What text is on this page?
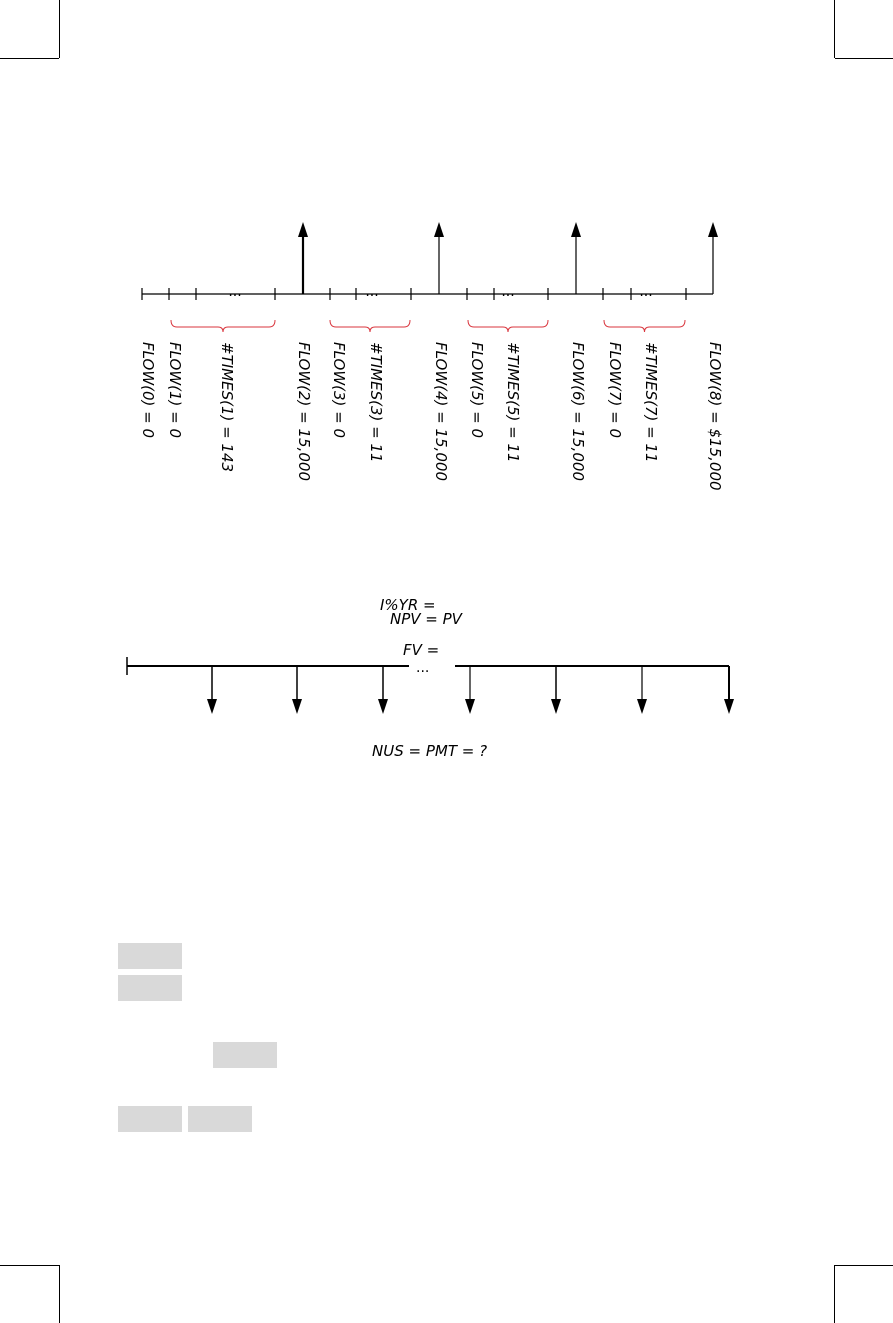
...	...	...	...
FLOW(0) = 0 FLOW(1) = 0 #TIMES(1) = 143	FLOW(2) = 15,000 FLOW(3) = 0 #TIMES(3) = 11	FLOW(4) = 15,000 FLOW(5) = 0 #TIMES(5) = 11	FLOW(6) = 15,000 FLOW(7) = 0 #TIMES(7) = 11	FLOW(8) = $15,000
I%YR =
NPV = PV
FV =
...
NUS = PMT = ?
